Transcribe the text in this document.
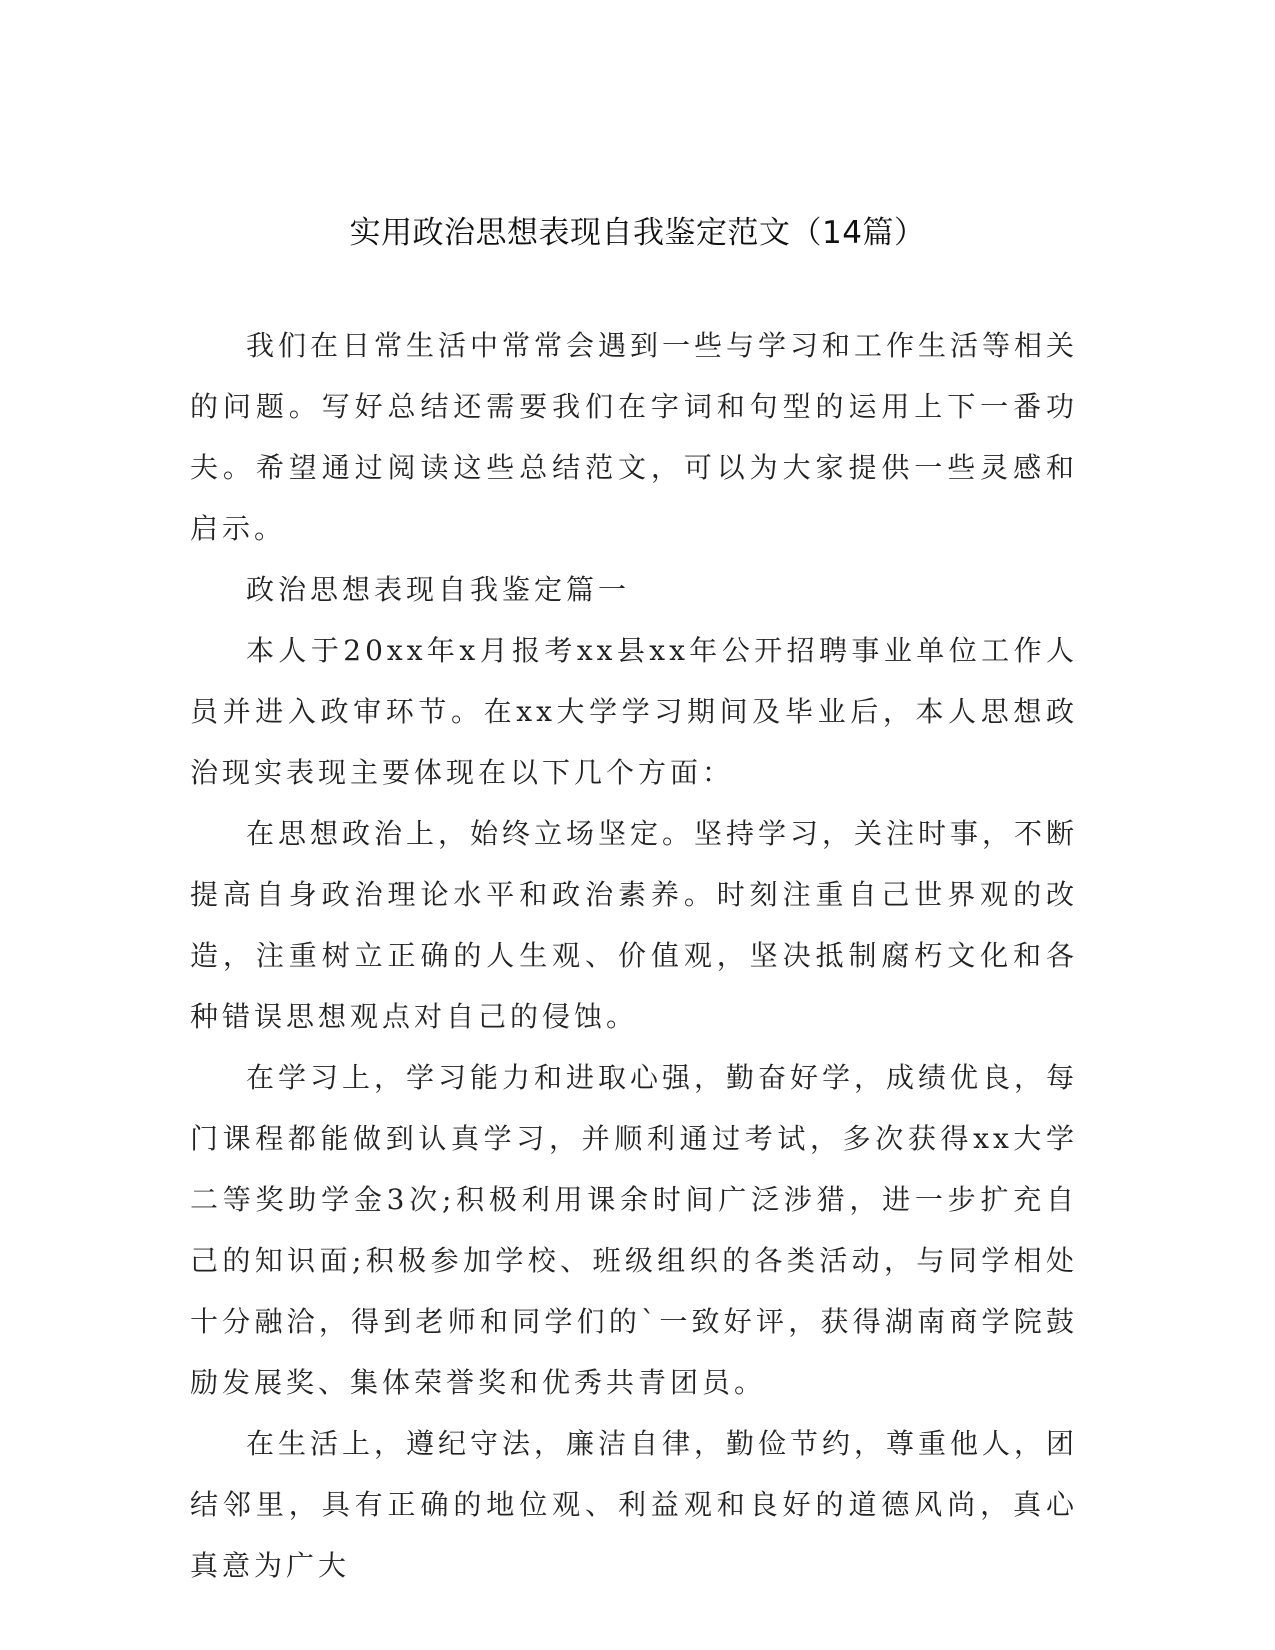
实用政治思想表现自我鉴定范文（14篇）

我们在日常生活中常常会遇到一些与学习和工作生活等相关的问题。写好总结还需要我们在字词和句型的运用上下一番功夫。希望通过阅读这些总结范文，可以为大家提供一些灵感和启示。

政治思想表现自我鉴定篇一

本人于20xx年x月报考xx县xx年公开招聘事业单位工作人员并进入政审环节。在xx大学学习期间及毕业后，本人思想政治现实表现主要体现在以下几个方面：

在思想政治上，始终立场坚定。坚持学习，关注时事，不断提高自身政治理论水平和政治素养。时刻注重自己世界观的改造，注重树立正确的人生观、价值观，坚决抵制腐朽文化和各种错误思想观点对自己的侵蚀。

在学习上，学习能力和进取心强，勤奋好学，成绩优良，每门课程都能做到认真学习，并顺利通过考试，多次获得xx大学二等奖助学金3次;积极利用课余时间广泛涉猎，进一步扩充自己的知识面;积极参加学校、班级组织的各类活动，与同学相处十分融洽，得到老师和同学们的`一致好评，获得湖南商学院鼓励发展奖、集体荣誉奖和优秀共青团员。

在生活上，遵纪守法，廉洁自律，勤俭节约，尊重他人，团结邻里，具有正确的地位观、利益观和良好的道德风尚，真心真意为广大
